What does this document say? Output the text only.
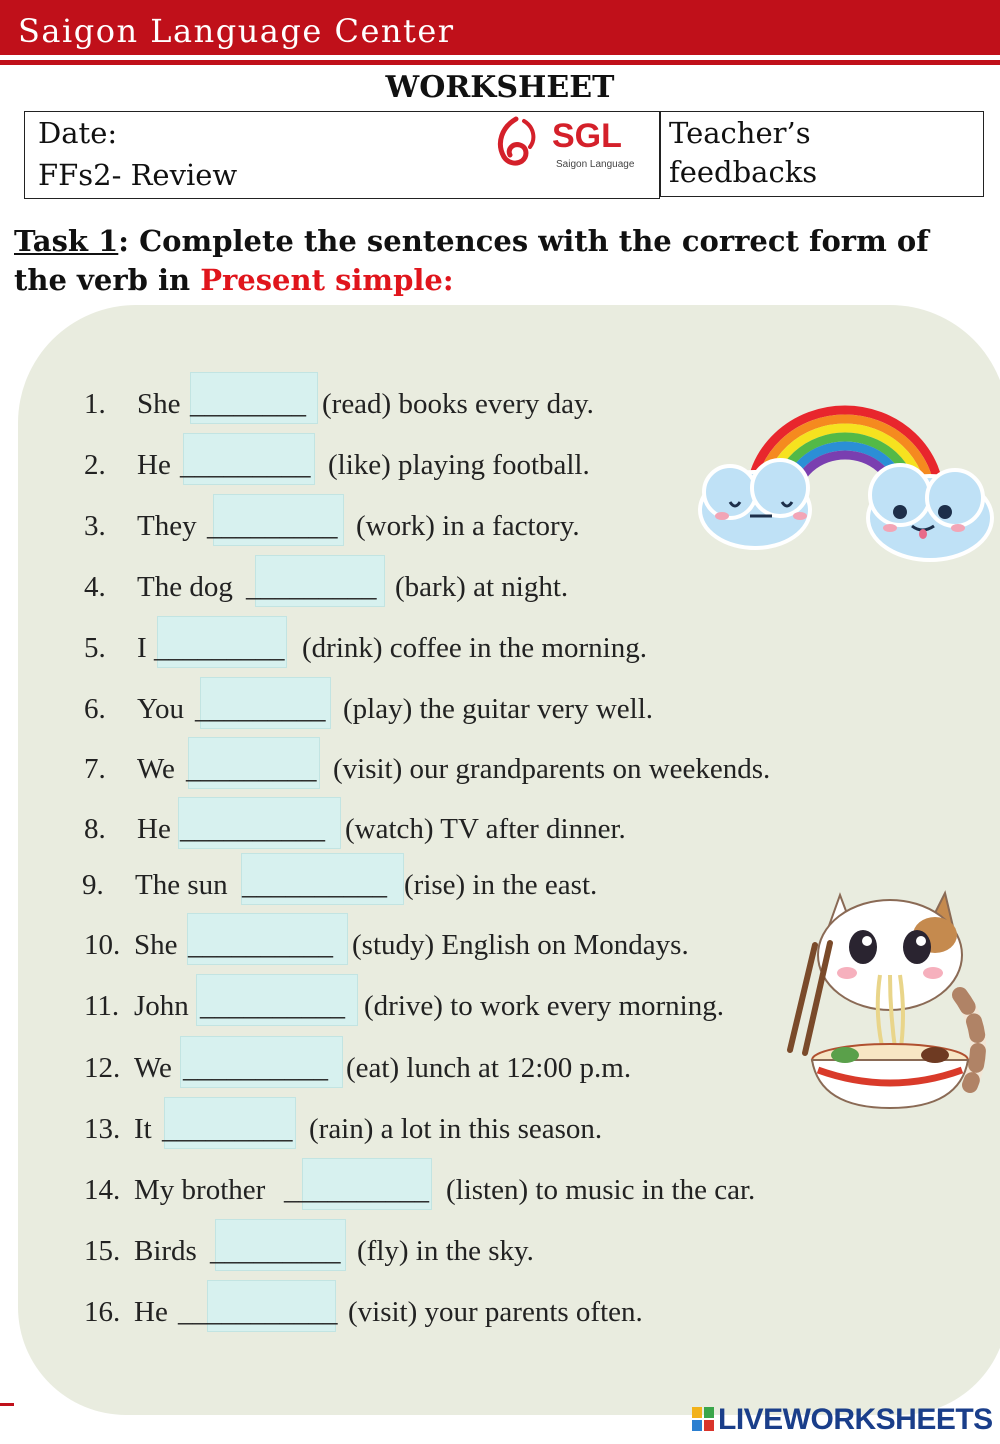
Saigon Language Center
WORKSHEET
Date:
FFs2- Review
SGL
Saigon Language
Teacher’s
feedbacks
Task 1: Complete the sentences with the correct form of the verb in Present simple:
1. She ________ (read) books every day.
2. He _________ (like) playing football.
3. They _________ (work) in a factory.
4. The dog _________ (bark) at night.
5. I _________ (drink) coffee in the morning.
6. You _________ (play) the guitar very well.
7. We _________ (visit) our grandparents on weekends.
8. He __________ (watch) TV after dinner.
9. The sun __________ (rise) in the east.
10. She __________ (study) English on Mondays.
11. John __________ (drive) to work every morning.
12. We __________ (eat) lunch at 12:00 p.m.
13. It _________ (rain) a lot in this season.
14. My brother __________ (listen) to music in the car.
15. Birds _________ (fly) in the sky.
16. He ___________ (visit) your parents often.
LIVEWORKSHEETS
